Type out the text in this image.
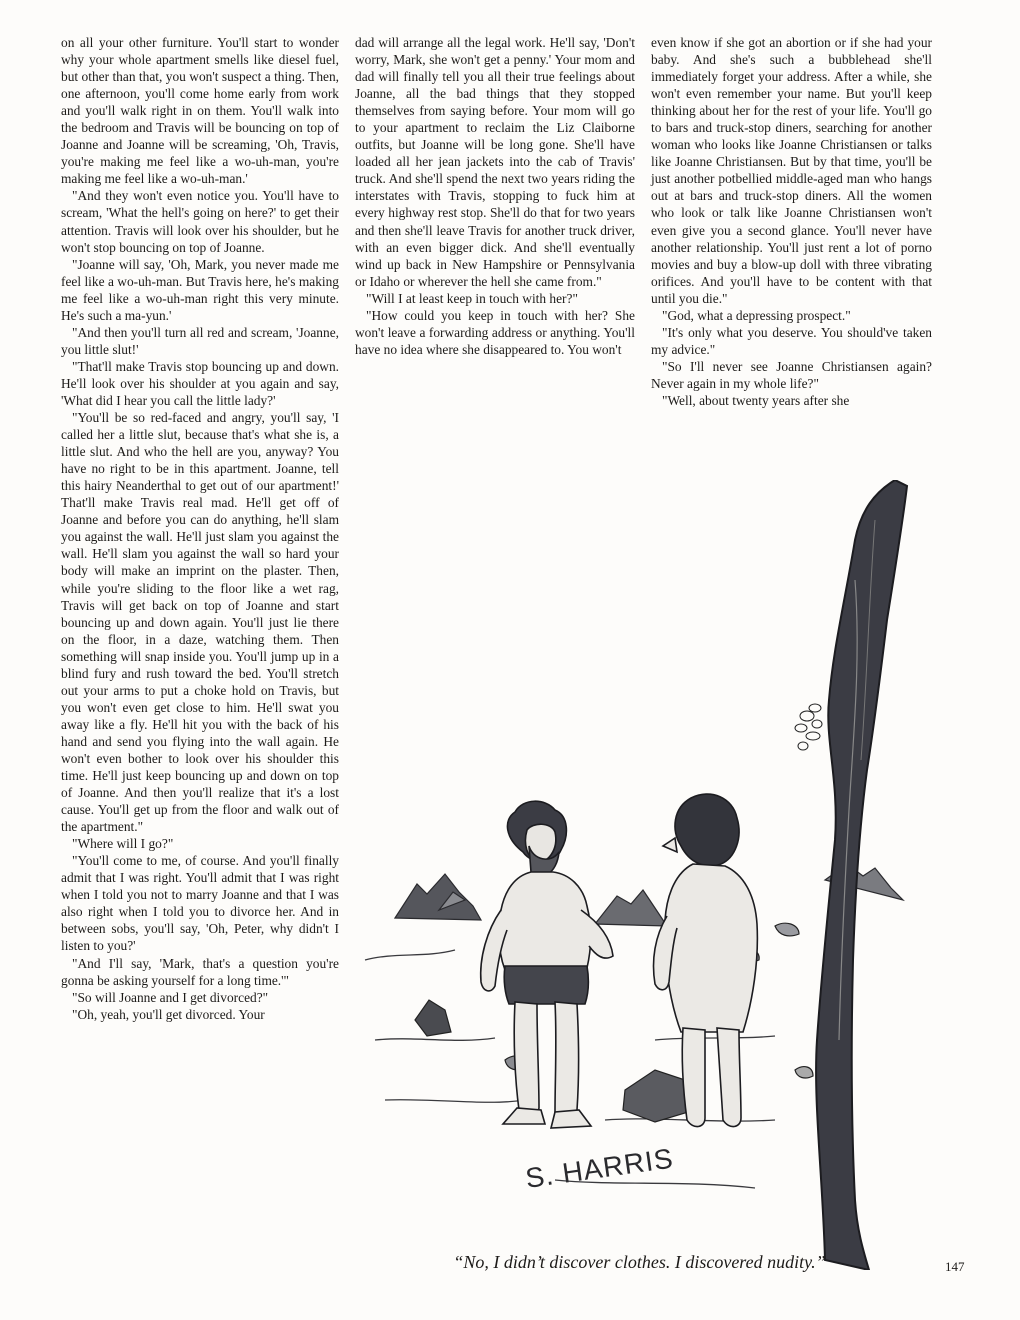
on all your other furniture. You'll start to wonder why your whole apartment smells like diesel fuel, but other than that, you won't suspect a thing. Then, one afternoon, you'll come home early from work and you'll walk right in on them. You'll walk into the bedroom and Travis will be bouncing on top of Joanne and Joanne will be screaming, 'Oh, Travis, you're making me feel like a wo-uh-man, you're making me feel like a wo-uh-man.'

"And they won't even notice you. You'll have to scream, 'What the hell's going on here?' to get their attention. Travis will look over his shoulder, but he won't stop bouncing on top of Joanne.

"Joanne will say, 'Oh, Mark, you never made me feel like a wo-uh-man. But Travis here, he's making me feel like a wo-uh-man right this very minute. He's such a ma-yun.'

"And then you'll turn all red and scream, 'Joanne, you little slut!'

"That'll make Travis stop bouncing up and down. He'll look over his shoulder at you again and say, 'What did I hear you call the little lady?'

"You'll be so red-faced and angry, you'll say, 'I called her a little slut, because that's what she is, a little slut. And who the hell are you, anyway? You have no right to be in this apartment. Joanne, tell this hairy Neanderthal to get out of our apartment!' That'll make Travis real mad. He'll get off of Joanne and before you can do anything, he'll slam you against the wall. He'll just slam you against the wall. He'll slam you against the wall so hard your body will make an imprint on the plaster. Then, while you're sliding to the floor like a wet rag, Travis will get back on top of Joanne and start bouncing up and down again. You'll just lie there on the floor, in a daze, watching them. Then something will snap inside you. You'll jump up in a blind fury and rush toward the bed. You'll stretch out your arms to put a choke hold on Travis, but you won't even get close to him. He'll swat you away like a fly. He'll hit you with the back of his hand and send you flying into the wall again. He won't even bother to look over his shoulder this time. He'll just keep bouncing up and down on top of Joanne. And then you'll realize that it's a lost cause. You'll get up from the floor and walk out of the apartment."

"Where will I go?"

"You'll come to me, of course. And you'll finally admit that I was right. You'll admit that I was right when I told you not to marry Joanne and that I was also right when I told you to divorce her. And in between sobs, you'll say, 'Oh, Peter, why didn't I listen to you?'

"And I'll say, 'Mark, that's a question you're gonna be asking yourself for a long time.'"

"So will Joanne and I get divorced?"

"Oh, yeah, you'll get divorced. Your

dad will arrange all the legal work. He'll say, 'Don't worry, Mark, she won't get a penny.' Your mom and dad will finally tell you all their true feelings about Joanne, all the bad things that they stopped themselves from saying before. Your mom will go to your apartment to reclaim the Liz Claiborne outfits, but Joanne will be long gone. She'll have loaded all her jean jackets into the cab of Travis' truck. And she'll spend the next two years riding the interstates with Travis, stopping to fuck him at every highway rest stop. She'll do that for two years and then she'll leave Travis for another truck driver, with an even bigger dick. And she'll eventually wind up back in New Hampshire or Pennsylvania or Idaho or wherever the hell she came from."

"Will I at least keep in touch with her?"

"How could you keep in touch with her? She won't leave a forwarding address or anything. You'll have no idea where she disappeared to. You won't

even know if she got an abortion or if she had your baby. And she's such a bubblehead she'll immediately forget your address. After a while, she won't even remember your name. But you'll keep thinking about her for the rest of your life. You'll go to bars and truck-stop diners, searching for another woman who looks like Joanne Christiansen or talks like Joanne Christiansen. But by that time, you'll be just another potbellied middle-aged man who hangs out at bars and truck-stop diners. All the women who look or talk like Joanne Christiansen won't even give you a second glance. You'll never have another relationship. You'll just rent a lot of porno movies and buy a blow-up doll with three vibrating orifices. And you'll have to be content with that until you die."

"God, what a depressing prospect."

"It's only what you deserve. You should've taken my advice."

"So I'll never see Joanne Christiansen again? Never again in my whole life?"

"Well, about twenty years after she

S. HARRIS
“No, I didn’t discover clothes. I discovered nudity.”	147
